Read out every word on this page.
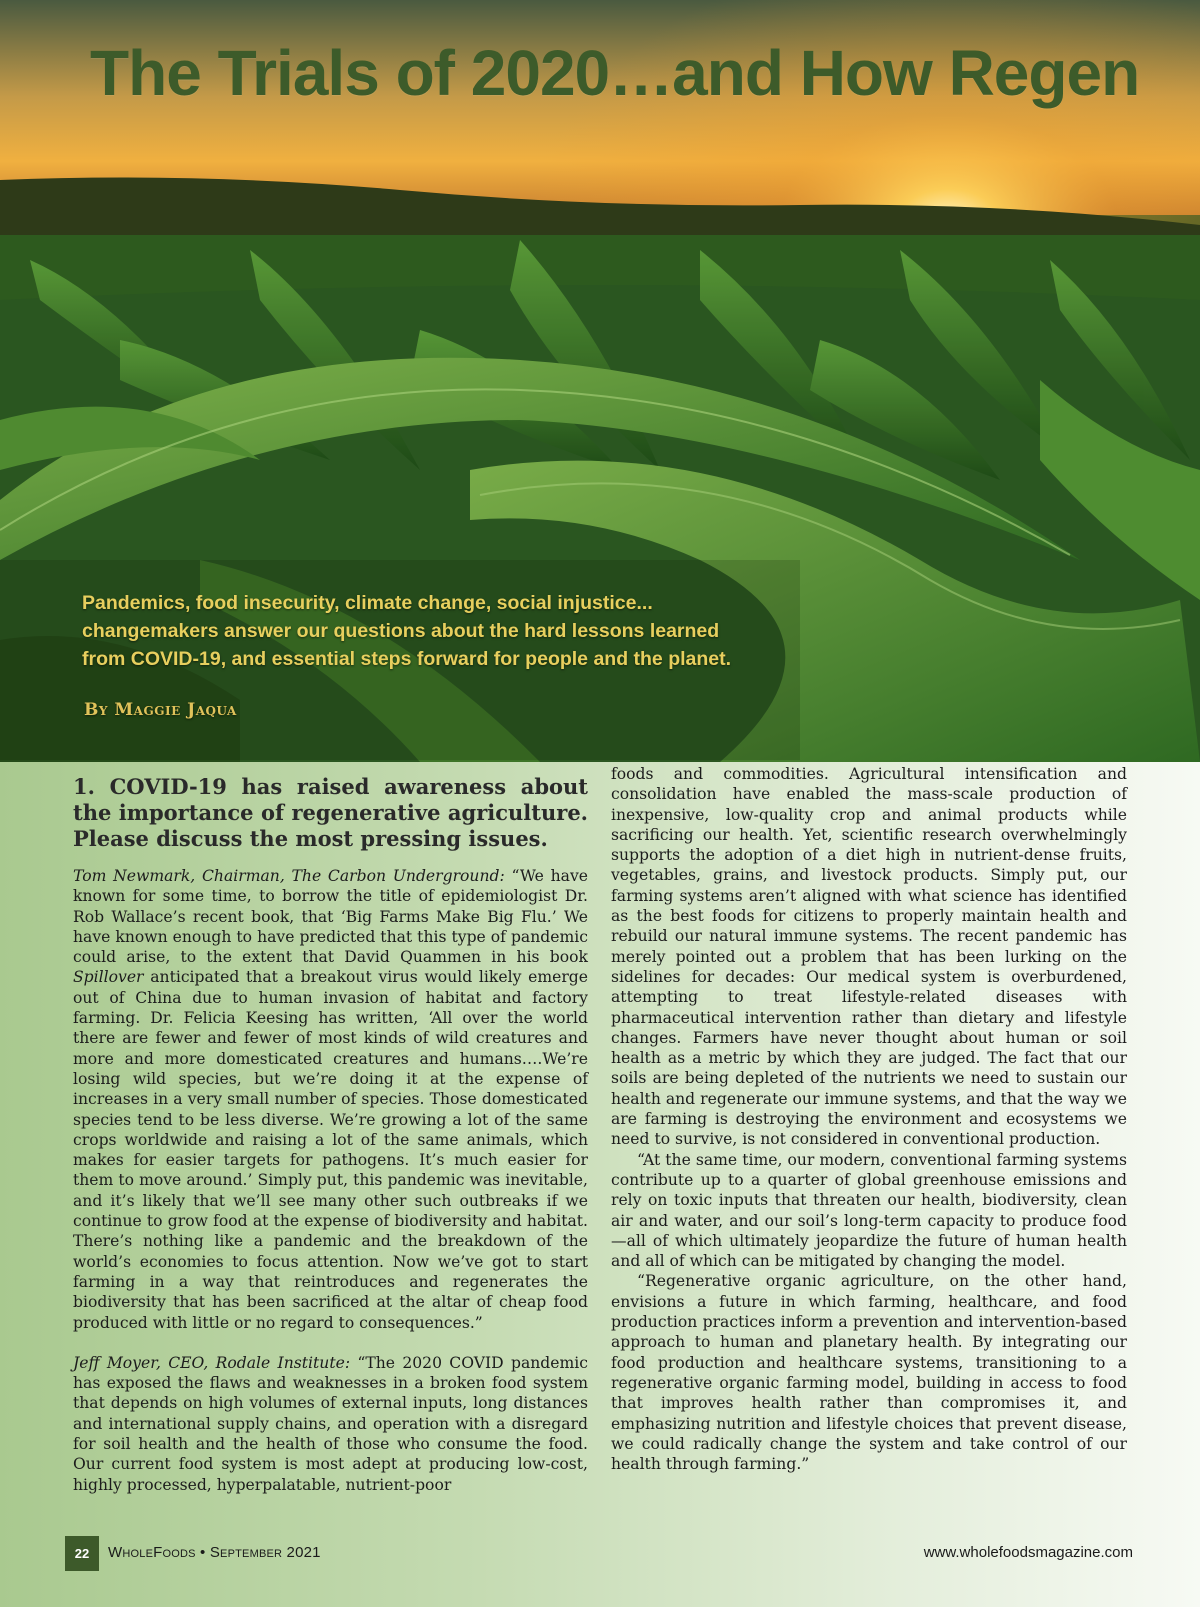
The Trials of 2020…and How Regen
Pandemics, food insecurity, climate change, social injustice...
changemakers answer our questions about the hard lessons learned
from COVID-19, and essential steps forward for people and the planet.
By Maggie Jaqua
1. COVID-19 has raised awareness about the importance of regenerative agriculture. Please discuss the most pressing issues.

Tom Newmark, Chairman, The Carbon Underground: “We have known for some time, to borrow the title of epidemiologist Dr. Rob Wallace’s recent book, that ‘Big Farms Make Big Flu.’ We have known enough to have predicted that this type of pandemic could arise, to the extent that David Quammen in his book Spillover anticipated that a breakout virus would likely emerge out of China due to human invasion of habitat and factory farming. Dr. Felicia Keesing has written, ‘All over the world there are fewer and fewer of most kinds of wild creatures and more and more domesticated creatures and humans….We’re losing wild species, but we’re doing it at the expense of increases in a very small number of species. Those domesticated species tend to be less diverse. We’re growing a lot of the same crops worldwide and raising a lot of the same animals, which makes for easier targets for pathogens. It’s much easier for them to move around.’ Simply put, this pandemic was inevitable, and it’s likely that we’ll see many other such outbreaks if we continue to grow food at the expense of biodiversity and habitat. There’s nothing like a pandemic and the breakdown of the world’s economies to focus attention. Now we’ve got to start farming in a way that reintroduces and regenerates the biodiversity that has been sacrificed at the altar of cheap food produced with little or no regard to consequences.”

Jeff Moyer, CEO, Rodale Institute: “The 2020 COVID pandemic has exposed the flaws and weaknesses in a broken food system that depends on high volumes of external inputs, long distances and international supply chains, and operation with a disregard for soil health and the health of those who consume the food. Our current food system is most adept at producing low-cost, highly processed, hyperpalatable, nutrient-poor

foods and commodities. Agricultural intensification and consolidation have enabled the mass-scale production of inexpensive, low-quality crop and animal products while sacrificing our health. Yet, scientific research overwhelmingly supports the adoption of a diet high in nutrient-dense fruits, vegetables, grains, and livestock products. Simply put, our farming systems aren’t aligned with what science has identified as the best foods for citizens to properly maintain health and rebuild our natural immune systems. The recent pandemic has merely pointed out a problem that has been lurking on the sidelines for decades: Our medical system is overburdened, attempting to treat lifestyle-related diseases with pharmaceutical intervention rather than dietary and lifestyle changes. Farmers have never thought about human or soil health as a metric by which they are judged. The fact that our soils are being depleted of the nutrients we need to sustain our health and regenerate our immune systems, and that the way we are farming is destroying the environment and ecosystems we need to survive, is not considered in conventional production.

“At the same time, our modern, conventional farming systems contribute up to a quarter of global greenhouse emissions and rely on toxic inputs that threaten our health, biodiversity, clean air and water, and our soil’s long-term capacity to produce food—all of which ultimately jeopardize the future of human health and all of which can be mitigated by changing the model.

“Regenerative organic agriculture, on the other hand, envisions a future in which farming, healthcare, and food production practices inform a prevention and intervention-based approach to human and planetary health. By integrating our food production and healthcare systems, transitioning to a regenerative organic farming model, building in access to food that improves health rather than compromises it, and emphasizing nutrition and lifestyle choices that prevent disease, we could radically change the system and take control of our health through farming.”

22	WholeFoods • September 2021	www.wholefoodsmagazine.com
